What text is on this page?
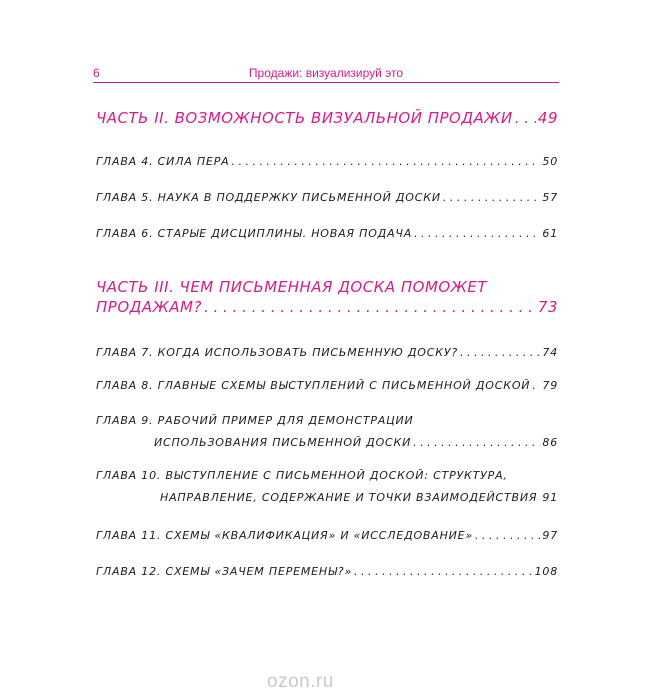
6	Продажи: визуализируй это
ЧАСТЬ II. ВОЗМОЖНОСТЬ ВИЗУАЛЬНОЙ ПРОДАЖИ . . . 49
ГЛАВА 4. СИЛА ПЕРА . . .	50
ГЛАВА 5. НАУКА В ПОДДЕРЖКУ ПИСЬМЕННОЙ ДОСКИ . . .	57
ГЛАВА 6. СТАРЫЕ ДИСЦИПЛИНЫ. НОВАЯ ПОДАЧА . . .	61
ЧАСТЬ III. ЧЕМ ПИСЬМЕННАЯ ДОСКА ПОМОЖЕТ
ПРОДАЖАМ? . . .	73
ГЛАВА 7. КОГДА ИСПОЛЬЗОВАТЬ ПИСЬМЕННУЮ ДОСКУ? . . .	74
ГЛАВА 8. ГЛАВНЫЕ СХЕМЫ ВЫСТУПЛЕНИЙ С ПИСЬМЕННОЙ ДОСКОЙ . . . 79
ГЛАВА 9. РАБОЧИЙ ПРИМЕР ДЛЯ ДЕМОНСТРАЦИИ
ИСПОЛЬЗОВАНИЯ ПИСЬМЕННОЙ ДОСКИ . . .	86
ГЛАВА 10. ВЫСТУПЛЕНИЕ С ПИСЬМЕННОЙ ДОСКОЙ: СТРУКТУРА,
НАПРАВЛЕНИЕ, СОДЕРЖАНИЕ И ТОЧКИ ВЗАИМОДЕЙСТВИЯ . . . 91
ГЛАВА 11. СХЕМЫ «КВАЛИФИКАЦИЯ» И «ИССЛЕДОВАНИЕ» . . .	97
ГЛАВА 12. СХЕМЫ «ЗАЧЕМ ПЕРЕМЕНЫ?» . . .	108
ozon.ru
